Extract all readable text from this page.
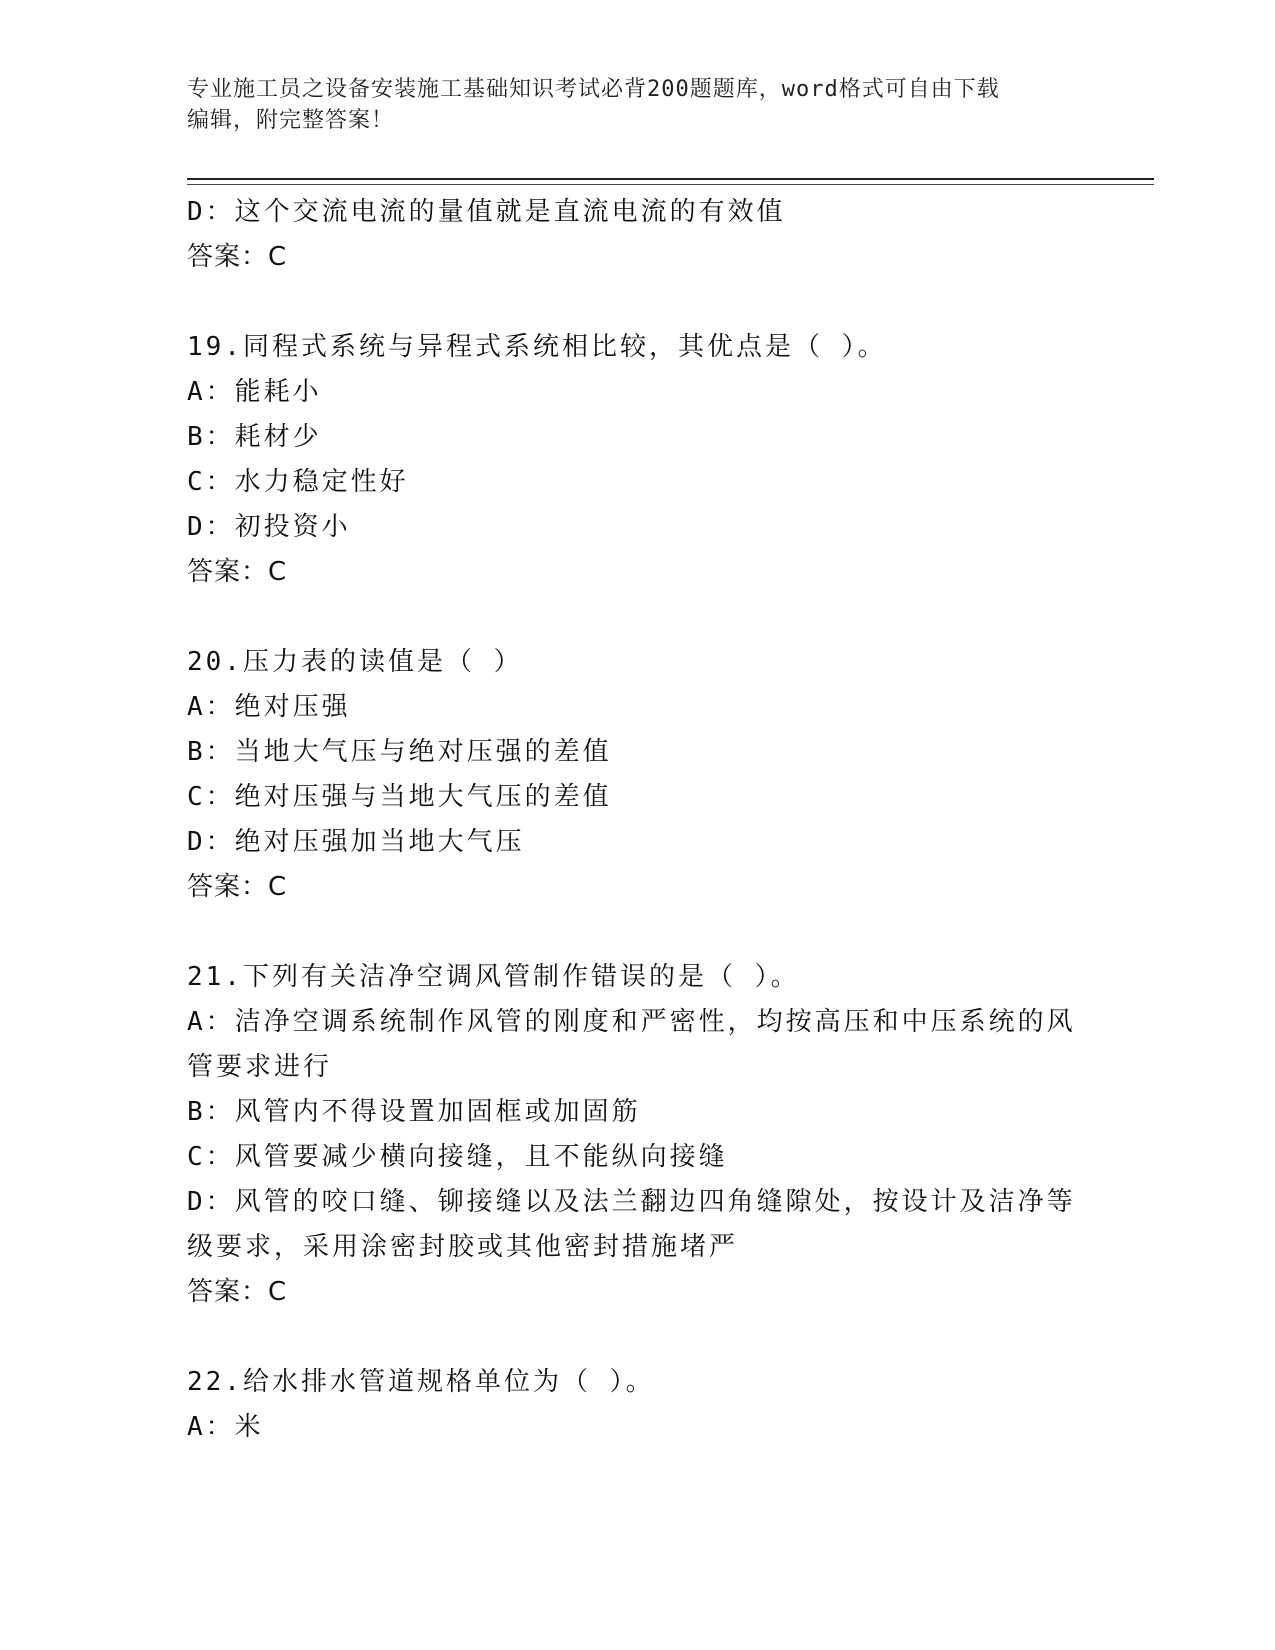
专业施工员之设备安装施工基础知识考试必背200题题库，word格式可自由下载
编辑，附完整答案！
D：这个交流电流的量值就是直流电流的有效值
答案：C
19.同程式系统与异程式系统相比较，其优点是（ ）。
A：能耗小
B：耗材少
C：水力稳定性好
D：初投资小
答案：C
20.压力表的读值是（ ）
A：绝对压强
B：当地大气压与绝对压强的差值
C：绝对压强与当地大气压的差值
D：绝对压强加当地大气压
答案：C
21.下列有关洁净空调风管制作错误的是（ ）。
A：洁净空调系统制作风管的刚度和严密性，均按高压和中压系统的风
管要求进行
B：风管内不得设置加固框或加固筋
C：风管要减少横向接缝，且不能纵向接缝
D：风管的咬口缝、铆接缝以及法兰翻边四角缝隙处，按设计及洁净等
级要求，采用涂密封胶或其他密封措施堵严
答案：C
22.给水排水管道规格单位为（ ）。
A：米
